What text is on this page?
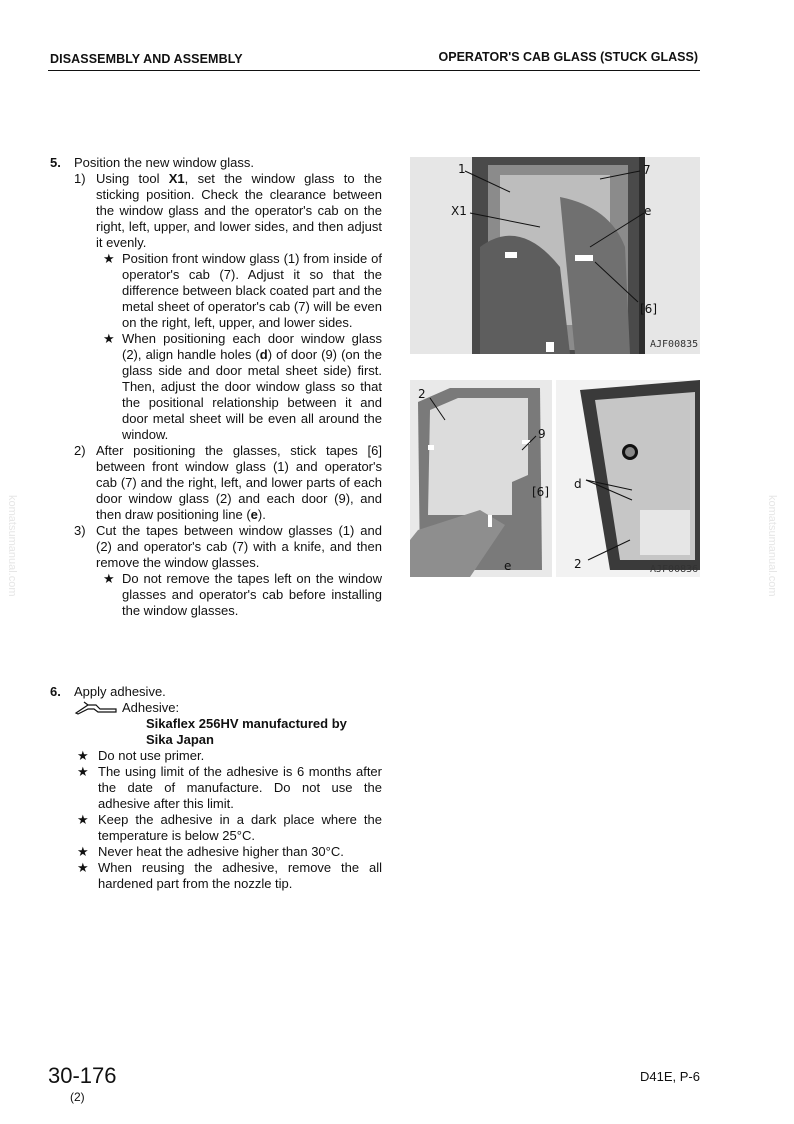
DISASSEMBLY AND ASSEMBLY	OPERATOR'S CAB GLASS (STUCK GLASS)
5. Position the new window glass.
1) Using tool X1, set the window glass to the sticking position. Check the clearance between the window glass and the operator's cab on the right, left, upper, and lower sides, and then adjust it evenly.
★ Position front window glass (1) from inside of operator's cab (7). Adjust it so that the difference between black coated part and the metal sheet of operator's cab (7) will be even on the right, left, upper, and lower sides.
★ When positioning each door window glass (2), align handle holes (d) of door (9) (on the glass side and door metal sheet side) first. Then, adjust the door window glass so that the positional relationship between it and door metal sheet will be even all around the window.
2) After positioning the glasses, stick tapes [6] between front window glass (1) and operator's cab (7) and the right, left, and lower parts of each door window glass (2) and each door (9), and then draw positioning line (e).
3) Cut the tapes between window glasses (1) and (2) and operator's cab (7) with a knife, and then remove the window glasses.
★ Do not remove the tapes left on the window glasses and operator's cab before installing the window glasses.
6. Apply adhesive.
Adhesive:
Sikaflex 256HV manufactured by
Sika Japan
★ Do not use primer.
★ The using limit of the adhesive is 6 months after the date of manufacture. Do not use the adhesive after this limit.
★ Keep the adhesive in a dark place where the temperature is below 25°C.
★ Never heat the adhesive higher than 30°C.
★ When reusing the adhesive, remove the all hardened part from the nozzle tip.
1	7
X1	e
[6]
AJF00835
2
9
[6]
e
d
2	AJF00836
30-176
(2)
D41E, P-6
komatsumanual.com	komatsumanual.com
